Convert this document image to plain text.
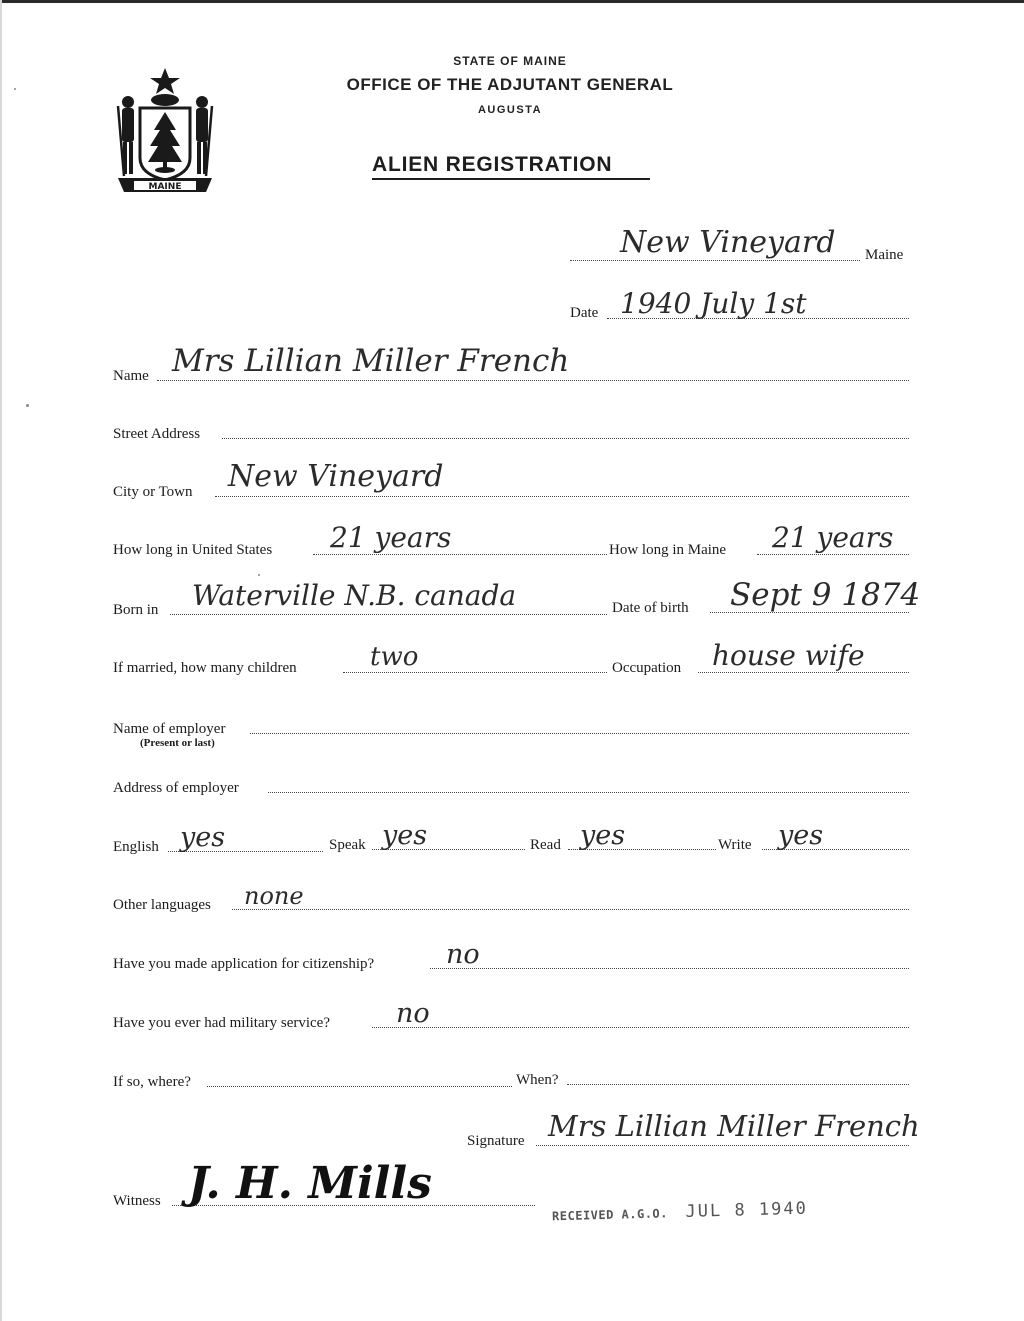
MAINE
STATE OF MAINE
OFFICE OF THE ADJUTANT GENERAL
AUGUSTA
ALIEN REGISTRATION
New Vineyard Maine
Date 1940 July 1st
Name Mrs Lillian Miller French
Street Address
City or Town New Vineyard
How long in United States 21 years	How long in Maine 21 years
Born in Waterville N.B. canada	Date of birth Sept 9 1874
If married, how many children	two	Occupation house wife
Name of employer
(Present or last)
Address of employer
English yes	Speak yes	Read yes	Write yes
Other languages none
Have you made application for citizenship?	no
Have you ever had military service? no
If so, where?	When?
Signature Mrs Lillian Miller French
Witness J. H. Mills
RECEIVED A.G.O. JUL 8 1940
